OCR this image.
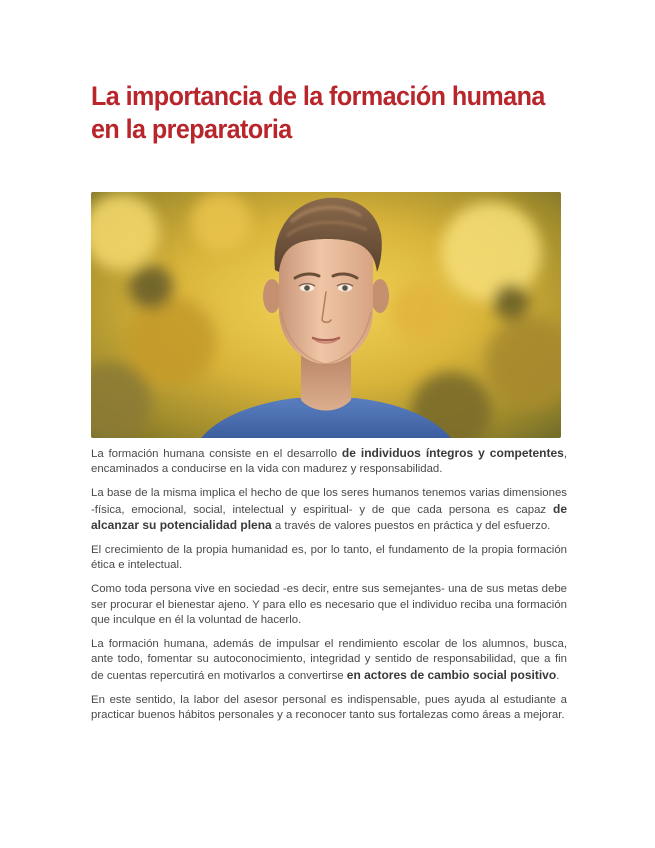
La importancia de la formación humana en la preparatoria

La formación humana consiste en el desarrollo de individuos íntegros y competentes, encaminados a conducirse en la vida con madurez y responsabilidad.

La base de la misma implica el hecho de que los seres humanos tenemos varias dimensiones -física, emocional, social, intelectual y espiritual- y de que cada persona es capaz de alcanzar su potencialidad plena a través de valores puestos en práctica y del esfuerzo.

El crecimiento de la propia humanidad es, por lo tanto, el fundamento de la propia formación ética e intelectual.

Como toda persona vive en sociedad -es decir, entre sus semejantes- una de sus metas debe ser procurar el bienestar ajeno. Y para ello es necesario que el individuo reciba una formación que inculque en él la voluntad de hacerlo.

La formación humana, además de impulsar el rendimiento escolar de los alumnos, busca, ante todo, fomentar su autoconocimiento, integridad y sentido de responsabilidad, que a fin de cuentas repercutirá en motivarlos a convertirse en actores de cambio social positivo.

En este sentido, la labor del asesor personal es indispensable, pues ayuda al estudiante a practicar buenos hábitos personales y a reconocer tanto sus fortalezas como áreas a mejorar.
